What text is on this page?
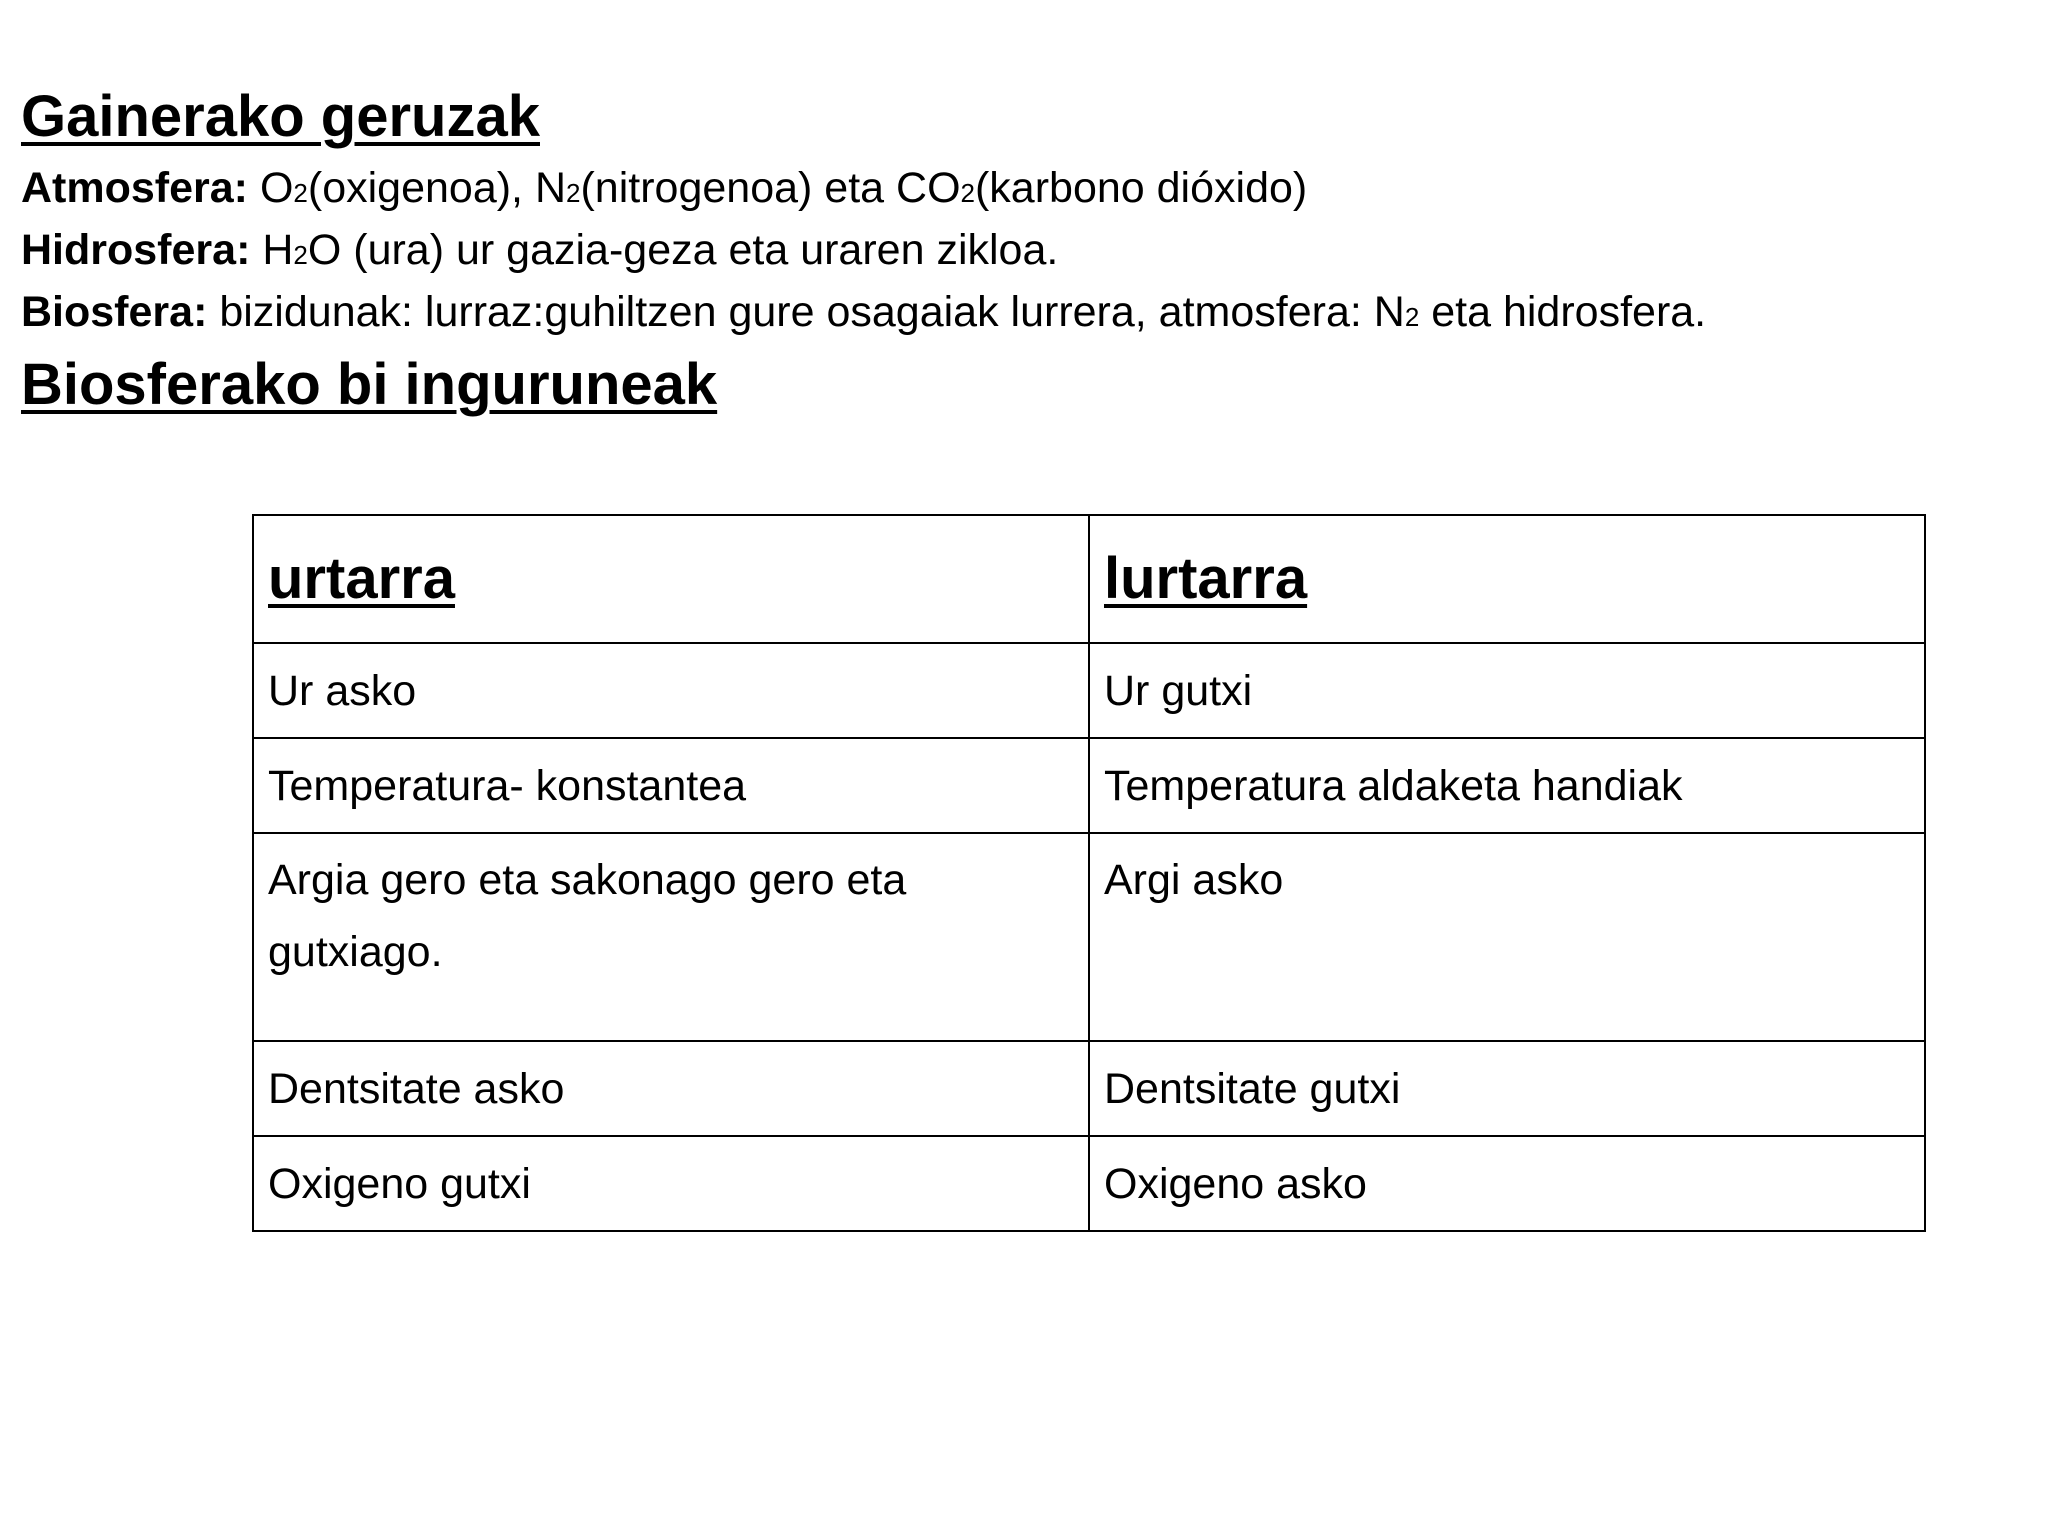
Gainerako geruzak

Atmosfera: O2(oxigenoa), N2(nitrogenoa) eta CO2(karbono dióxido)

Hidrosfera: H2O (ura) ur gazia-geza eta uraren zikloa.

Biosfera: bizidunak: lurraz:guhiltzen gure osagaiak lurrera, atmosfera: N2 eta hidrosfera.

Biosferako bi inguruneak
urtarra	lurtarra
Ur asko	Ur gutxi
Temperatura- konstantea	Temperatura aldaketa handiak
Argia gero eta sakonago gero eta gutxiago.	Argi asko
Dentsitate asko	Dentsitate gutxi
Oxigeno gutxi	Oxigeno asko
